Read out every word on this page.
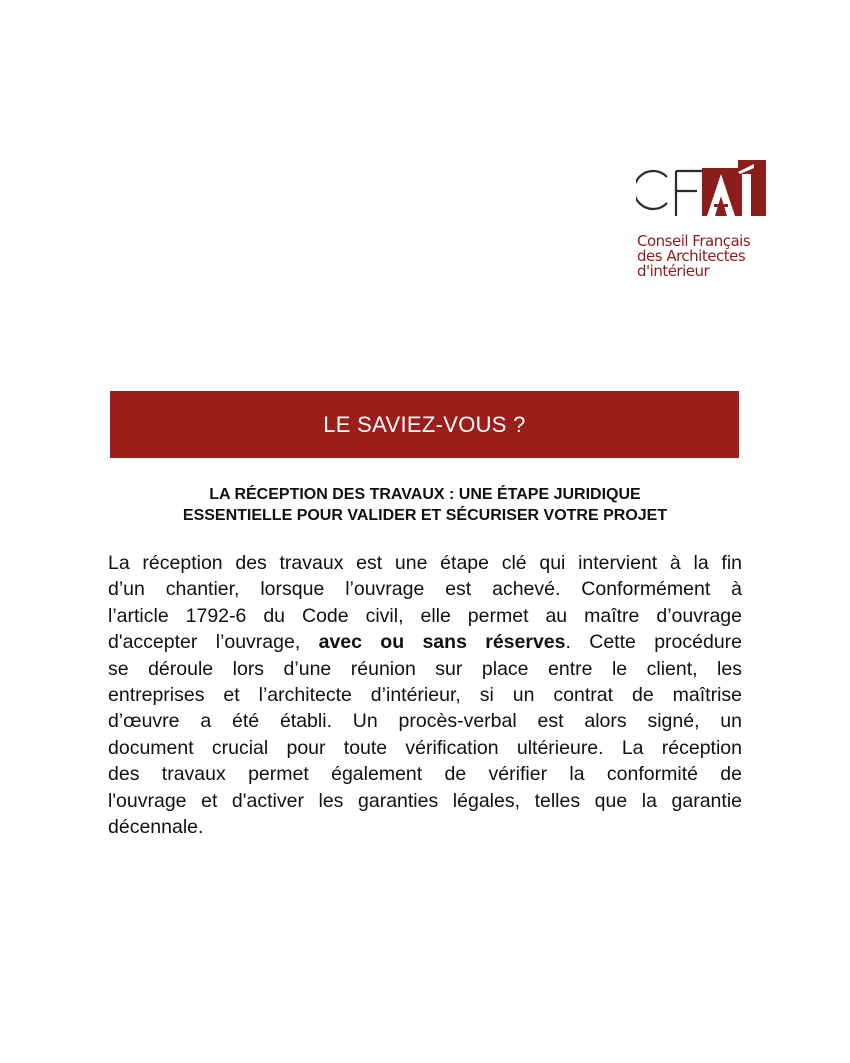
Conseil Français
des Architectes
d'intérieur
LE SAVIEZ-VOUS ?
LA RÉCEPTION DES TRAVAUX : UNE ÉTAPE JURIDIQUE
ESSENTIELLE POUR VALIDER ET SÉCURISER VOTRE PROJET
La réception des travaux est une étape clé qui intervient à la fin
d’un chantier, lorsque l’ouvrage est achevé. Conformément à
l’article 1792-6 du Code civil, elle permet au maître d’ouvrage
d'accepter l’ouvrage, avec ou sans réserves. Cette procédure
se déroule lors d’une réunion sur place entre le client, les
entreprises et l’architecte d’intérieur, si un contrat de maîtrise
d’œuvre a été établi. Un procès-verbal est alors signé, un
document crucial pour toute vérification ultérieure. La réception
des travaux permet également de vérifier la conformité de
l'ouvrage et d'activer les garanties légales, telles que la garantie
décennale.
